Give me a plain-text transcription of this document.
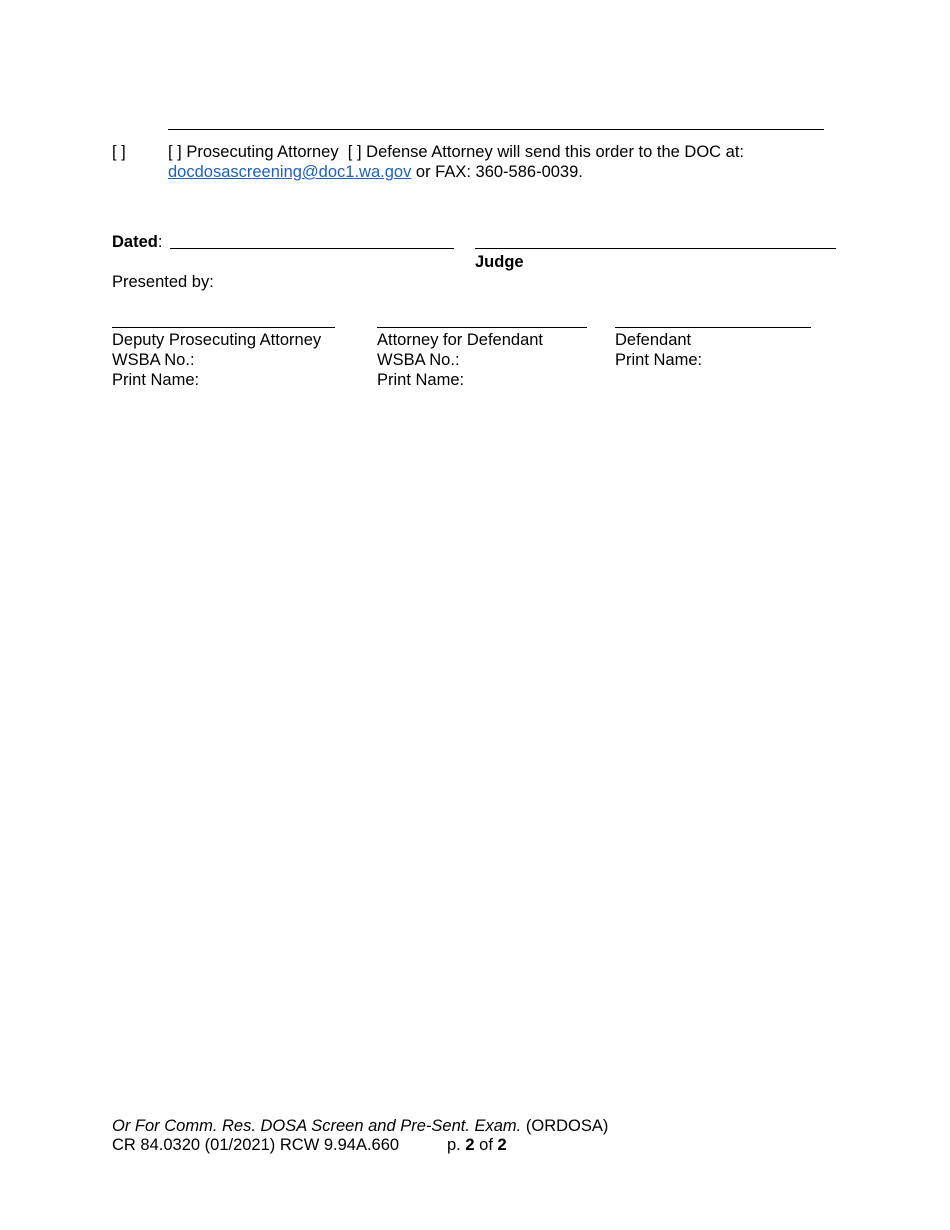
[ ]	[ ] Prosecuting Attorney [ ] Defense Attorney will send this order to the DOC at:
docdosascreening@doc1.wa.gov or FAX: 360-586-0039.
Dated:
Judge
Presented by:
Deputy Prosecuting Attorney
WSBA No.:
Print Name:
Attorney for Defendant
WSBA No.:
Print Name:
Defendant
Print Name:
Or For Comm. Res. DOSA Screen and Pre-Sent. Exam. (ORDOSA)
CR 84.0320 (01/2021) RCW 9.94A.660	p. 2 of 2
